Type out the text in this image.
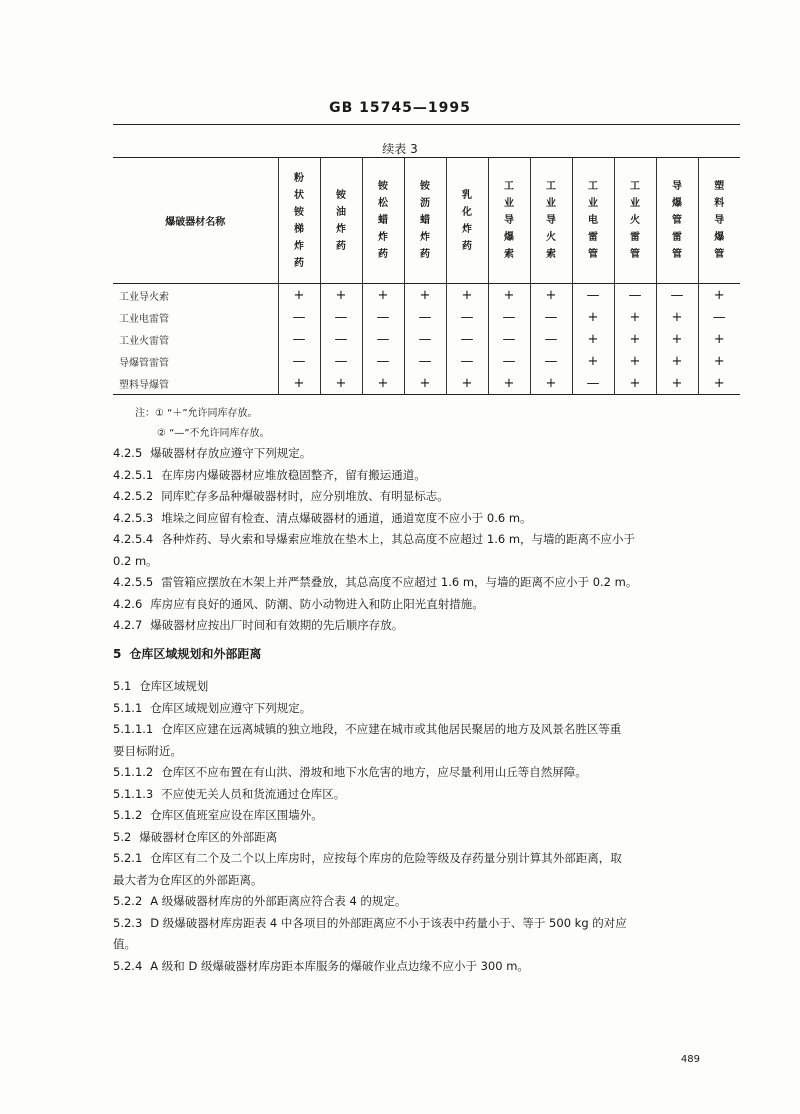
GB 15745—1995
续表 3
爆破器材名称	粉状铵梯炸药	铵油炸药	铵松蜡炸药	铵沥蜡炸药	乳化炸药	工业导爆索	工业导火索	工业电雷管	工业火雷管	导爆管雷管	塑料导爆管
工业导火索	+	+	+	+	+	+	+	—	—	—	+
工业电雷管	—	—	—	—	—	—	—	+	+	+	—
工业火雷管	—	—	—	—	—	—	—	+	+	+	+
导爆管雷管	—	—	—	—	—	—	—	+	+	+	+
塑料导爆管	+	+	+	+	+	+	+	—	+	+	+
注：① “＋”允许同库存放。
② “—”不允许同库存放。
4.2.5 爆破器材存放应遵守下列规定。
4.2.5.1 在库房内爆破器材应堆放稳固整齐，留有搬运通道。
4.2.5.2 同库贮存多品种爆破器材时，应分别堆放、有明显标志。
4.2.5.3 堆垛之间应留有检查、清点爆破器材的通道，通道宽度不应小于 0.6 m。
4.2.5.4 各种炸药、导火索和导爆索应堆放在垫木上，其总高度不应超过 1.6 m，与墙的距离不应小于
0.2 m。
4.2.5.5 雷管箱应摆放在木架上并严禁叠放，其总高度不应超过 1.6 m，与墙的距离不应小于 0.2 m。
4.2.6 库房应有良好的通风、防潮、防小动物进入和防止阳光直射措施。
4.2.7 爆破器材应按出厂时间和有效期的先后顺序存放。
5 仓库区域规划和外部距离
5.1 仓库区域规划
5.1.1 仓库区域规划应遵守下列规定。
5.1.1.1 仓库区应建在远离城镇的独立地段，不应建在城市或其他居民聚居的地方及风景名胜区等重
要目标附近。
5.1.1.2 仓库区不应布置在有山洪、滑坡和地下水危害的地方，应尽量利用山丘等自然屏障。
5.1.1.3 不应使无关人员和货流通过仓库区。
5.1.2 仓库区值班室应设在库区围墙外。
5.2 爆破器材仓库区的外部距离
5.2.1 仓库区有二个及二个以上库房时，应按每个库房的危险等级及存药量分别计算其外部距离，取
最大者为仓库区的外部距离。
5.2.2 A 级爆破器材库房的外部距离应符合表 4 的规定。
5.2.3 D 级爆破器材库房距表 4 中各项目的外部距离应不小于该表中药量小于、等于 500 kg 的对应
值。
5.2.4 A 级和 D 级爆破器材库房距本库服务的爆破作业点边缘不应小于 300 m。
489
